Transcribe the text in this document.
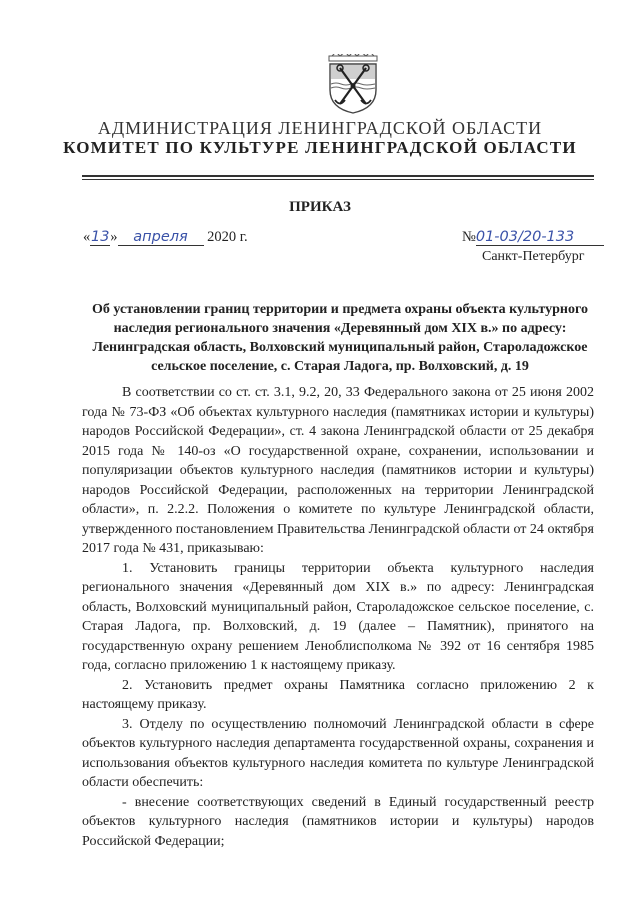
АДМИНИСТРАЦИЯ ЛЕНИНГРАДСКОЙ ОБЛАСТИ
КОМИТЕТ ПО КУЛЬТУРЕ ЛЕНИНГРАДСКОЙ ОБЛАСТИ
ПРИКАЗ
«13» апреля 2020 г.	№01-03/20-133
Санкт-Петербург
Об установлении границ территории и предмета охраны объекта культурного наследия регионального значения «Деревянный дом XIX в.» по адресу: Ленинградская область, Волховский муниципальный район, Староладожское сельское поселение, с. Старая Ладога, пр. Волховский, д. 19

В соответствии со ст. ст. 3.1, 9.2, 20, 33 Федерального закона от 25 июня 2002 года № 73-ФЗ «Об объектах культурного наследия (памятниках истории и культуры) народов Российской Федерации», ст. 4 закона Ленинградской области от 25 декабря 2015 года № 140-оз «О государственной охране, сохранении, использовании и популяризации объектов культурного наследия (памятников истории и культуры) народов Российской Федерации, расположенных на территории Ленинградской области», п. 2.2.2. Положения о комитете по культуре Ленинградской области, утвержденного постановлением Правительства Ленинградской области от 24 октября 2017 года № 431, приказываю:

1. Установить границы территории объекта культурного наследия регионального значения «Деревянный дом XIX в.» по адресу: Ленинградская область, Волховский муниципальный район, Староладожское сельское поселение, с. Старая Ладога, пр. Волховский, д. 19 (далее – Памятник), принятого на государственную охрану решением Леноблисполкома № 392 от 16 сентября 1985 года, согласно приложению 1 к настоящему приказу.

2. Установить предмет охраны Памятника согласно приложению 2 к настоящему приказу.

3. Отделу по осуществлению полномочий Ленинградской области в сфере объектов культурного наследия департамента государственной охраны, сохранения и использования объектов культурного наследия комитета по культуре Ленинградской области обеспечить:

- внесение соответствующих сведений в Единый государственный реестр объектов культурного наследия (памятников истории и культуры) народов Российской Федерации;
